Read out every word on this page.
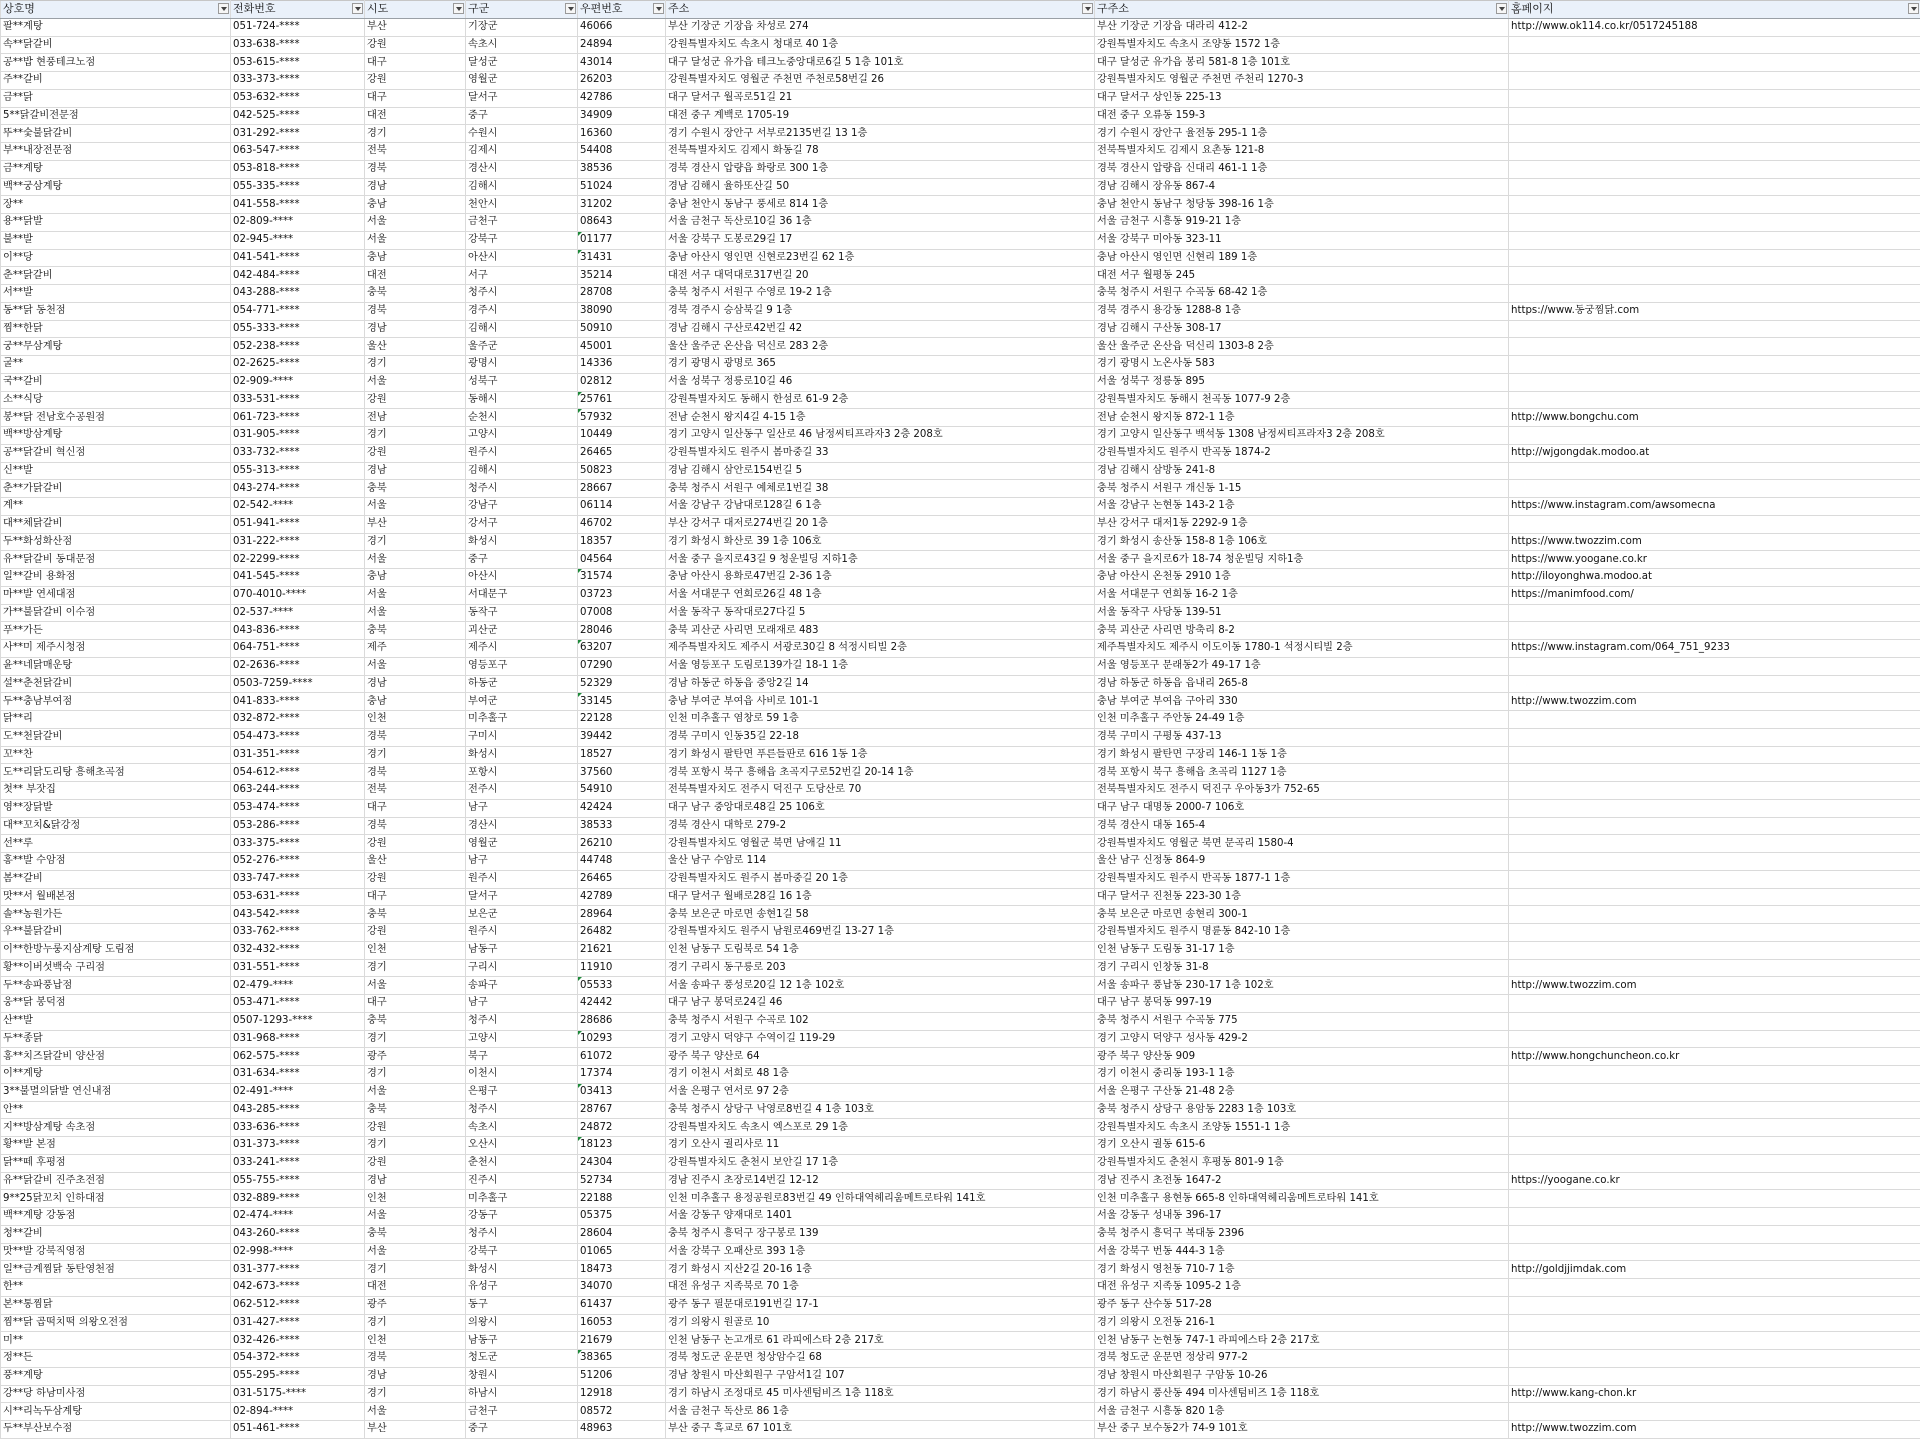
상호명	전화번호	시도	구군	우편번호	주소	구주소	홈페이지

팔**계탕	051-724-****	부산	기장군	46066	부산 기장군 기장읍 차성로 274	부산 기장군 기장읍 대라리 412-2	http://www.ok114.co.kr/0517245188
속**닭갈비	033-638-****	강원	속초시	24894	강원특별자치도 속초시 청대로 40 1층	강원특별자치도 속초시 조양동 1572 1층	
공**밥 현풍테크노점	053-615-****	대구	달성군	43014	대구 달성군 유가읍 테크노중앙대로6길 5 1층 101호	대구 달성군 유가읍 봉리 581-8 1층 101호	
주**갈비	033-373-****	강원	영월군	26203	강원특별자치도 영월군 주천면 주천로58번길 26	강원특별자치도 영월군 주천면 주천리 1270-3	
금**닭	053-632-****	대구	달서구	42786	대구 달서구 월곡로51길 21	대구 달서구 상인동 225-13	
5**닭갈비전문점	042-525-****	대전	중구	34909	대전 중구 계백로 1705-19	대전 중구 오류동 159-3	
뚜**숯불닭갈비	031-292-****	경기	수원시	16360	경기 수원시 장안구 서부로2135번길 13 1층	경기 수원시 장안구 율전동 295-1 1층	
부**내장전문점	063-547-****	전북	김제시	54408	전북특별자치도 김제시 화동길 78	전북특별자치도 김제시 요촌동 121-8	
금**계탕	053-818-****	경북	경산시	38536	경북 경산시 압량읍 화랑로 300 1층	경북 경산시 압량읍 신대리 461-1 1층	
백**궁삼계탕	055-335-****	경남	김해시	51024	경남 김해시 율하또산길 50	경남 김해시 장유동 867-4	
장**	041-558-****	충남	천안시	31202	충남 천안시 동남구 풍세로 814 1층	충남 천안시 동남구 청당동 398-16 1층	
용**닭발	02-809-****	서울	금천구	08643	서울 금천구 독산로10길 36 1층	서울 금천구 시흥동 919-21 1층	
불**발	02-945-****	서울	강북구	01177	서울 강북구 도봉로29길 17	서울 강북구 미아동 323-11	
이**당	041-541-****	충남	아산시	31431	충남 아산시 영인면 신현로23번길 62 1층	충남 아산시 영인면 신현리 189 1층	
춘**닭갈비	042-484-****	대전	서구	35214	대전 서구 대덕대로317번길 20	대전 서구 월평동 245	
서**발	043-288-****	충북	청주시	28708	충북 청주시 서원구 수영로 19-2 1층	충북 청주시 서원구 수곡동 68-42 1층	
동**닭 동천점	054-771-****	경북	경주시	38090	경북 경주시 승삼북길 9 1층	경북 경주시 용강동 1288-8 1층	https://www.동궁찜닭.com
찜**한닭	055-333-****	경남	김해시	50910	경남 김해시 구산로42번길 42	경남 김해시 구산동 308-17	
궁**무삼계탕	052-238-****	울산	울주군	45001	울산 울주군 온산읍 덕신로 283 2층	울산 울주군 온산읍 덕신리 1303-8 2층	
굴**	02-2625-****	경기	광명시	14336	경기 광명시 광명로 365	경기 광명시 노온사동 583	
국**갈비	02-909-****	서울	성북구	02812	서울 성북구 정릉로10길 46	서울 성북구 정릉동 895	
소**식당	033-531-****	강원	동해시	25761	강원특별자치도 동해시 한섬로 61-9 2층	강원특별자치도 동해시 천곡동 1077-9 2층	
봉**닭 전남호수공원점	061-723-****	전남	순천시	57932	전남 순천시 왕지4길 4-15 1층	전남 순천시 왕지동 872-1 1층	http://www.bongchu.com
백**방삼계탕	031-905-****	경기	고양시	10449	경기 고양시 일산동구 일산로 46 남정씨티프라자3 2층 208호	경기 고양시 일산동구 백석동 1308 남정씨티프라자3 2층 208호	
공**닭갈비 혁신점	033-732-****	강원	원주시	26465	강원특별자치도 원주시 봄마중길 33	강원특별자치도 원주시 반곡동 1874-2	http://wjgongdak.modoo.at
신**발	055-313-****	경남	김해시	50823	경남 김해시 삼안로154번길 5	경남 김해시 삼방동 241-8	
춘**가닭갈비	043-274-****	충북	청주시	28667	충북 청주시 서원구 예체로1번길 38	충북 청주시 서원구 개신동 1-15	
계**	02-542-****	서울	강남구	06114	서울 강남구 강남대로128길 6 1층	서울 강남구 논현동 143-2 1층	https://www.instagram.com/awsomecna
대**체닭갈비	051-941-****	부산	강서구	46702	부산 강서구 대저로274번길 20 1층	부산 강서구 대저1동 2292-9 1층	
두**화성화산점	031-222-****	경기	화성시	18357	경기 화성시 화산로 39 1층 106호	경기 화성시 송산동 158-8 1층 106호	https://www.twozzim.com
유**닭갈비 동대문점	02-2299-****	서울	중구	04564	서울 중구 을지로43길 9 청운빌딩 지하1층	서울 중구 을지로6가 18-74 청운빌딩 지하1층	https://www.yoogane.co.kr
일**갈비 용화점	041-545-****	충남	아산시	31574	충남 아산시 용화로47번길 2-36 1층	충남 아산시 온천동 2910 1층	http://iloyonghwa.modoo.at
마**발 연세대점	070-4010-****	서울	서대문구	03723	서울 서대문구 연희로26길 48 1층	서울 서대문구 연희동 16-2 1층	https://manimfood.com/
가**불닭갈비 이수점	02-537-****	서울	동작구	07008	서울 동작구 동작대로27다길 5	서울 동작구 사당동 139-51	
푸**가든	043-836-****	충북	괴산군	28046	충북 괴산군 사리면 모래재로 483	충북 괴산군 사리면 방축리 8-2	
사**미 제주시청점	064-751-****	제주	제주시	63207	제주특별자치도 제주시 서광로30길 8 석정시티빌 2층	제주특별자치도 제주시 이도이동 1780-1 석정시티빌 2층	https://www.instagram.com/064_751_9233
윤**네닭매운탕	02-2636-****	서울	영등포구	07290	서울 영등포구 도림로139가길 18-1 1층	서울 영등포구 문래동2가 49-17 1층	
설**춘천닭갈비	0503-7259-****	경남	하동군	52329	경남 하동군 하동읍 중앙2길 14	경남 하동군 하동읍 읍내리 265-8	
두**충남부여점	041-833-****	충남	부여군	33145	충남 부여군 부여읍 사비로 101-1	충남 부여군 부여읍 구아리 330	http://www.twozzim.com
닭**리	032-872-****	인천	미추홀구	22128	인천 미추홀구 염창로 59 1층	인천 미추홀구 주안동 24-49 1층	
도**천닭갈비	054-473-****	경북	구미시	39442	경북 구미시 인동35길 22-18	경북 구미시 구평동 437-13	
꼬**찬	031-351-****	경기	화성시	18527	경기 화성시 팔탄면 푸른들판로 616 1동 1층	경기 화성시 팔탄면 구장리 146-1 1동 1층	
도**리닭도리탕 흥해초곡점	054-612-****	경북	포항시	37560	경북 포항시 북구 흥해읍 초곡지구로52번길 20-14 1층	경북 포항시 북구 흥해읍 초곡리 1127 1층	
첫** 부잣집	063-244-****	전북	전주시	54910	전북특별자치도 전주시 덕진구 도당산로 70	전북특별자치도 전주시 덕진구 우아동3가 752-65	
영**장닭발	053-474-****	대구	남구	42424	대구 남구 중앙대로48길 25 106호	대구 남구 대명동 2000-7 106호	
대**꼬치&닭강정	053-286-****	경북	경산시	38533	경북 경산시 대학로 279-2	경북 경산시 대동 165-4	
선**루	033-375-****	강원	영월군	26210	강원특별자치도 영월군 북면 남애길 11	강원특별자치도 영월군 북면 문곡리 1580-4	
홍**발 수암점	052-276-****	울산	남구	44748	울산 남구 수암로 114	울산 남구 신정동 864-9	
봄**갈비	033-747-****	강원	원주시	26465	강원특별자치도 원주시 봄마중길 20 1층	강원특별자치도 원주시 반곡동 1877-1 1층	
맛**서 월배본점	053-631-****	대구	달서구	42789	대구 달서구 월배로28길 16 1층	대구 달서구 진천동 223-30 1층	
솔**농원가든	043-542-****	충북	보은군	28964	충북 보은군 마로면 송현1길 58	충북 보은군 마로면 송현리 300-1	
우**불닭갈비	033-762-****	강원	원주시	26482	강원특별자치도 원주시 남원로469번길 13-27 1층	강원특별자치도 원주시 명륜동 842-10 1층	
이**한방누룽지삼계탕 도림점	032-432-****	인천	남동구	21621	인천 남동구 도림북로 54 1층	인천 남동구 도림동 31-17 1층	
황**이버섯백숙 구리점	031-551-****	경기	구리시	11910	경기 구리시 동구릉로 203	경기 구리시 인창동 31-8	
두**송파풍납점	02-479-****	서울	송파구	05533	서울 송파구 풍성로20길 12 1층 102호	서울 송파구 풍납동 230-17 1층 102호	http://www.twozzim.com
웅**닭 봉덕점	053-471-****	대구	남구	42442	대구 남구 봉덕로24길 46	대구 남구 봉덕동 997-19	
산**발	0507-1293-****	충북	청주시	28686	충북 청주시 서원구 수곡로 102	충북 청주시 서원구 수곡동 775	
두**종닭	031-968-****	경기	고양시	10293	경기 고양시 덕양구 수역이길 119-29	경기 고양시 덕양구 성사동 429-2	
홍**치즈닭갈비 양산점	062-575-****	광주	북구	61072	광주 북구 양산로 64	광주 북구 양산동 909	http://www.hongchuncheon.co.kr
이**계탕	031-634-****	경기	이천시	17374	경기 이천시 서희로 48 1층	경기 이천시 중리동 193-1 1층	
3**불멸의닭발 연신내점	02-491-****	서울	은평구	03413	서울 은평구 연서로 97 2층	서울 은평구 구산동 21-48 2층	
안**	043-285-****	충북	청주시	28767	충북 청주시 상당구 낙영로8번길 4 1층 103호	충북 청주시 상당구 용암동 2283 1층 103호	
지**방삼계탕 속초점	033-636-****	강원	속초시	24872	강원특별자치도 속초시 엑스포로 29 1층	강원특별자치도 속초시 조양동 1551-1 1층	
황**발 본점	031-373-****	경기	오산시	18123	경기 오산시 궐리사로 11	경기 오산시 궐동 615-6	
닭**떼 후평점	033-241-****	강원	춘천시	24304	강원특별자치도 춘천시 보안길 17 1층	강원특별자치도 춘천시 후평동 801-9 1층	
유**닭갈비 진주초전점	055-755-****	경남	진주시	52734	경남 진주시 초장로14번길 12-12	경남 진주시 초전동 1647-2	https://yoogane.co.kr
9**25닭꼬치 인하대점	032-889-****	인천	미추홀구	22188	인천 미추홀구 용정공원로83번길 49 인하대역헤리움메트로타워 141호	인천 미추홀구 용현동 665-8 인하대역헤리움메트로타워 141호	
백**계탕 강동점	02-474-****	서울	강동구	05375	서울 강동구 양재대로 1401	서울 강동구 성내동 396-17	
청**갈비	043-260-****	충북	청주시	28604	충북 청주시 흥덕구 장구봉로 139	충북 청주시 흥덕구 복대동 2396	
맛**발 강북직영점	02-998-****	서울	강북구	01065	서울 강북구 오패산로 393 1층	서울 강북구 번동 444-3 1층	
일**금계찜닭 동탄영천점	031-377-****	경기	화성시	18473	경기 화성시 지산2길 20-16 1층	경기 화성시 영천동 710-7 1층	http://goldjjimdak.com
한**	042-673-****	대전	유성구	34070	대전 유성구 지족북로 70 1층	대전 유성구 지족동 1095-2 1층	
본**통찜닭	062-512-****	광주	동구	61437	광주 동구 필문대로191번길 17-1	광주 동구 산수동 517-28	
찜**닭 곱떡치떡 의왕오전점	031-427-****	경기	의왕시	16053	경기 의왕시 원골로 10	경기 의왕시 오전동 216-1	
미**	032-426-****	인천	남동구	21679	인천 남동구 논고개로 61 라피에스타 2층 217호	인천 남동구 논현동 747-1 라피에스타 2층 217호	
정**든	054-372-****	경북	청도군	38365	경북 청도군 운문면 청상암수길 68	경북 청도군 운문면 정상리 977-2	
풍**계탕	055-295-****	경남	창원시	51206	경남 창원시 마산회원구 구암서1길 107	경남 창원시 마산회원구 구암동 10-26	
강**당 하남미사점	031-5175-****	경기	하남시	12918	경기 하남시 조정대로 45 미사센텀비즈 1층 118호	경기 하남시 풍산동 494 미사센텀비즈 1층 118호	http://www.kang-chon.kr
시**리녹두삼계탕	02-894-****	서울	금천구	08572	서울 금천구 독산로 86 1층	서울 금천구 시흥동 820 1층	
두**부산보수점	051-461-****	부산	중구	48963	부산 중구 흑교로 67 101호	부산 중구 보수동2가 74-9 101호	http://www.twozzim.com
